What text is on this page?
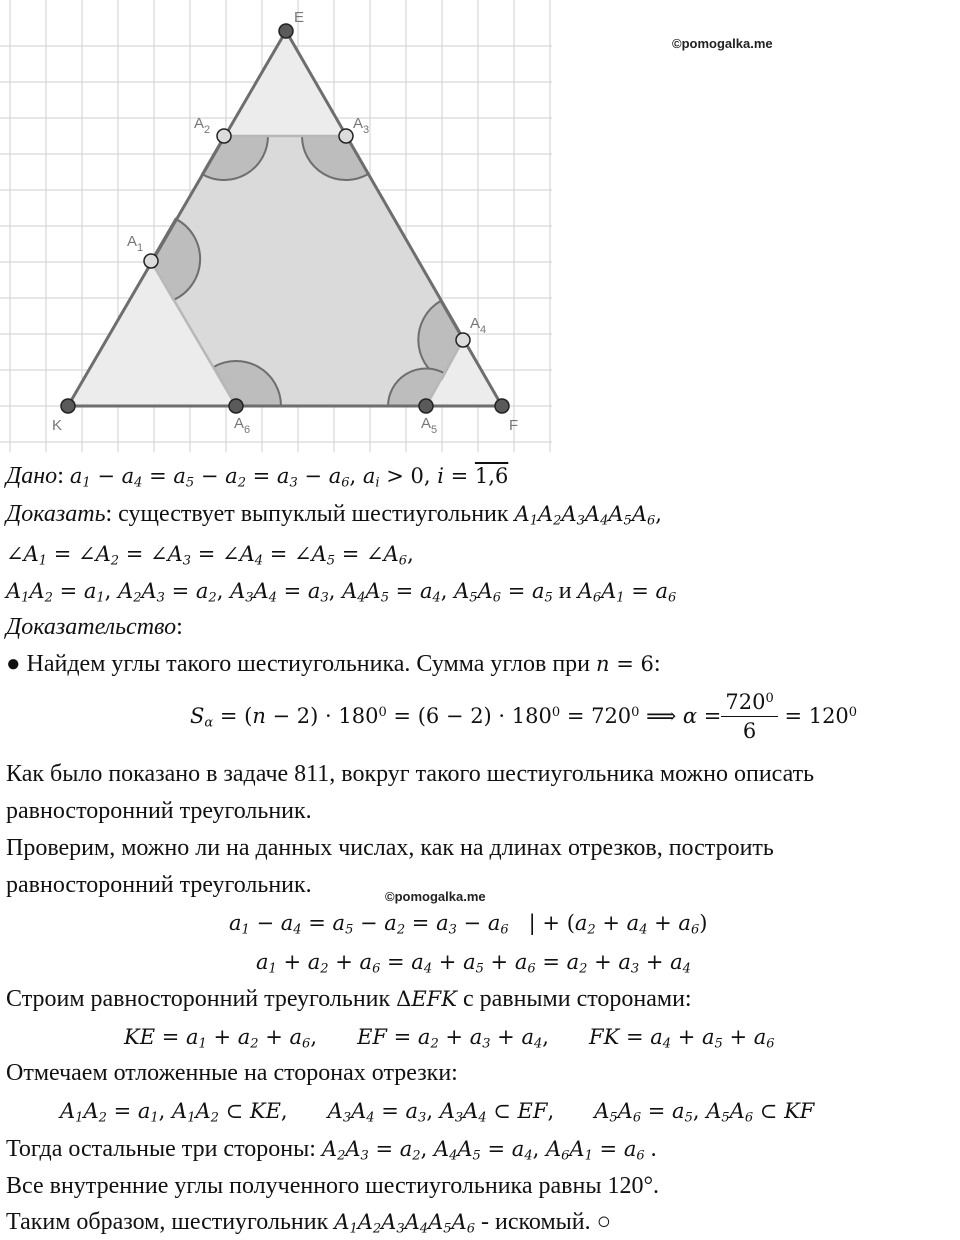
E
$A_2$	$A_3$
$A_1$
$A_4$
K	$A_6$	$A_5$	F
©pomogalka.me
Дано: $a_1 - a_4 = a_5 - a_2 = a_3 - a_6$, $a_i > 0$, i = 1,6
Доказать: существует выпуклый шестиугольник $A_1A_2A_3A_4A_5A_6$,
$\angle A_1$ = $\angle A_2$ = $\angle A_3$ = $\angle A_4$ = $\angle A_5$ = $\angle A_6$,
$A_1A_2 = a_1$, $A_2A_3 = a_2$, $A_3A_4 = a_3$, $A_4A_5 = a_4$, $A_5A_6 = a_5$ и $A_6A_1 = a_6$
Доказательство:
● Найдем углы такого шестиугольника. Сумма углов при n = 6:
$S_\alpha = (n - 2) \cdot 180^0 = (6 - 2) \cdot 180^0 = 720^0$ ⟹ $\alpha = \frac{720^0}{6} = 120^0$
Как было показано в задаче 811, вокруг такого шестиугольника можно описать
равносторонний треугольник.
Проверим, можно ли на данных числах, как на длинах отрезков, построить
равносторонний треугольник.	©pomogalka.me
$a_1 - a_4 = a_5 - a_2 = a_3 - a_6$   | + $(a_2 + a_4 + a_6)$
$a_1 + a_2 + a_6 = a_4 + a_5 + a_6 = a_2 + a_3 + a_4$
Строим равносторонний треугольник ΔEFK с равными сторонами:
KE = $a_1 + a_2 + a_6$,      EF = $a_2 + a_3 + a_4$,      FK = $a_4 + a_5 + a_6$
Отмечаем отложенные на сторонах отрезки:
$A_1A_2 = a_1$, $A_1A_2$ ⊂ KE,      $A_3A_4 = a_3$, $A_3A_4$ ⊂ EF,      $A_5A_6 = a_5$, $A_5A_6$ ⊂ KF
Тогда остальные три стороны: $A_2A_3 = a_2$, $A_4A_5 = a_4$, $A_6A_1 = a_6$ .
Все внутренние углы полученного шестиугольника равны 120°.
Таким образом, шестиугольник $A_1A_2A_3A_4A_5A_6$ - искомый. ○
